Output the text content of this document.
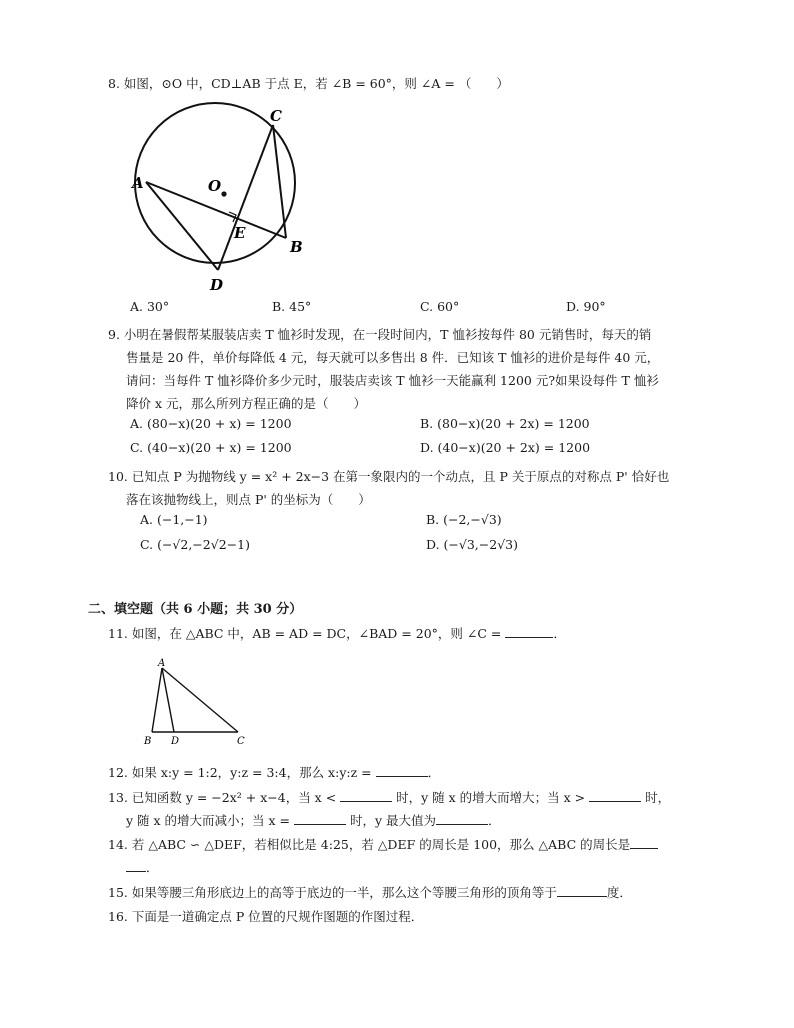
8. 如图，⊙O 中，CD⊥AB 于点 E，若 ∠B = 60°，则 ∠A = （　　）
A
C
O
E
B
D
A. 30°	B. 45°	C. 60°	D. 90°
9. 小明在暑假帮某服装店卖 T 恤衫时发现，在一段时间内，T 恤衫按每件 80 元销售时，每天的销
售量是 20 件，单价每降低 4 元，每天就可以多售出 8 件．已知该 T 恤衫的进价是每件 40 元，
请问：当每件 T 恤衫降价多少元时，服装店卖该 T 恤衫一天能赢利 1200 元?如果设每件 T 恤衫
降价 x 元，那么所列方程正确的是（　　）
A. (80−x)(20 + x) = 1200	B. (80−x)(20 + 2x) = 1200
C. (40−x)(20 + x) = 1200	D. (40−x)(20 + 2x) = 1200
10. 已知点 P 为抛物线 y = x² + 2x−3 在第一象限内的一个动点，且 P 关于原点的对称点 P' 恰好也
落在该抛物线上，则点 P' 的坐标为（　　）
A. (−1,−1)	B. (−2,−√3)
C. (−√2,−2√2−1)	D. (−√3,−2√3)
二、填空题（共 6 小题；共 30 分）
11. 如图，在 △ABC 中，AB = AD = DC，∠BAD = 20°，则 ∠C =	．
A
B D	C
12. 如果 x:y = 1:2，y:z = 3:4，那么 x:y:z =	．
13. 已知函数 y = −2x² + x−4，当 x <	时，y 随 x 的增大而增大；当 x >	时，
y 随 x 的增大而减小；当 x =	时，y 最大值为	．
14. 若 △ABC ∽ △DEF，若相似比是 4:25，若 △DEF 的周长是 100，那么 △ABC 的周长是
．
15. 如果等腰三角形底边上的高等于底边的一半，那么这个等腰三角形的顶角等于	度．
16. 下面是一道确定点 P 位置的尺规作图题的作图过程．
